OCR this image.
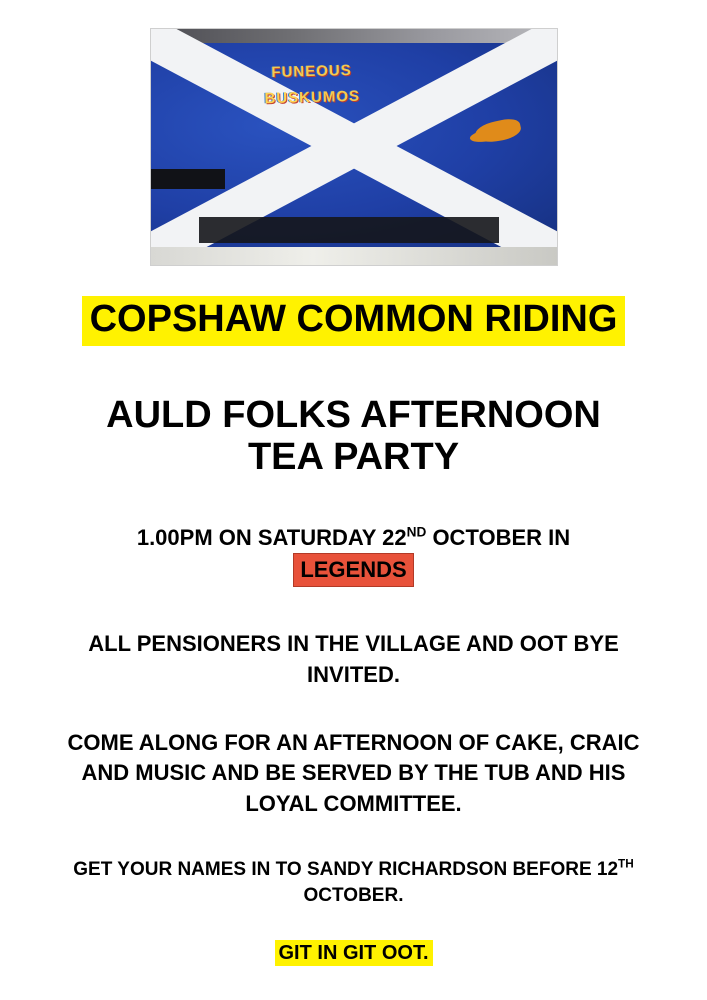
FUNEOUS
BUSKUMOS
COPSHAW COMMON RIDING
AULD FOLKS AFTERNOON
TEA PARTY
1.00PM ON SATURDAY 22ND OCTOBER IN
LEGENDS
ALL PENSIONERS IN THE VILLAGE AND OOT BYE INVITED.
COME ALONG FOR AN AFTERNOON OF CAKE, CRAIC AND MUSIC AND BE SERVED BY THE TUB AND HIS LOYAL COMMITTEE.
GET YOUR NAMES IN TO SANDY RICHARDSON BEFORE 12TH OCTOBER.
GIT IN GIT OOT.
